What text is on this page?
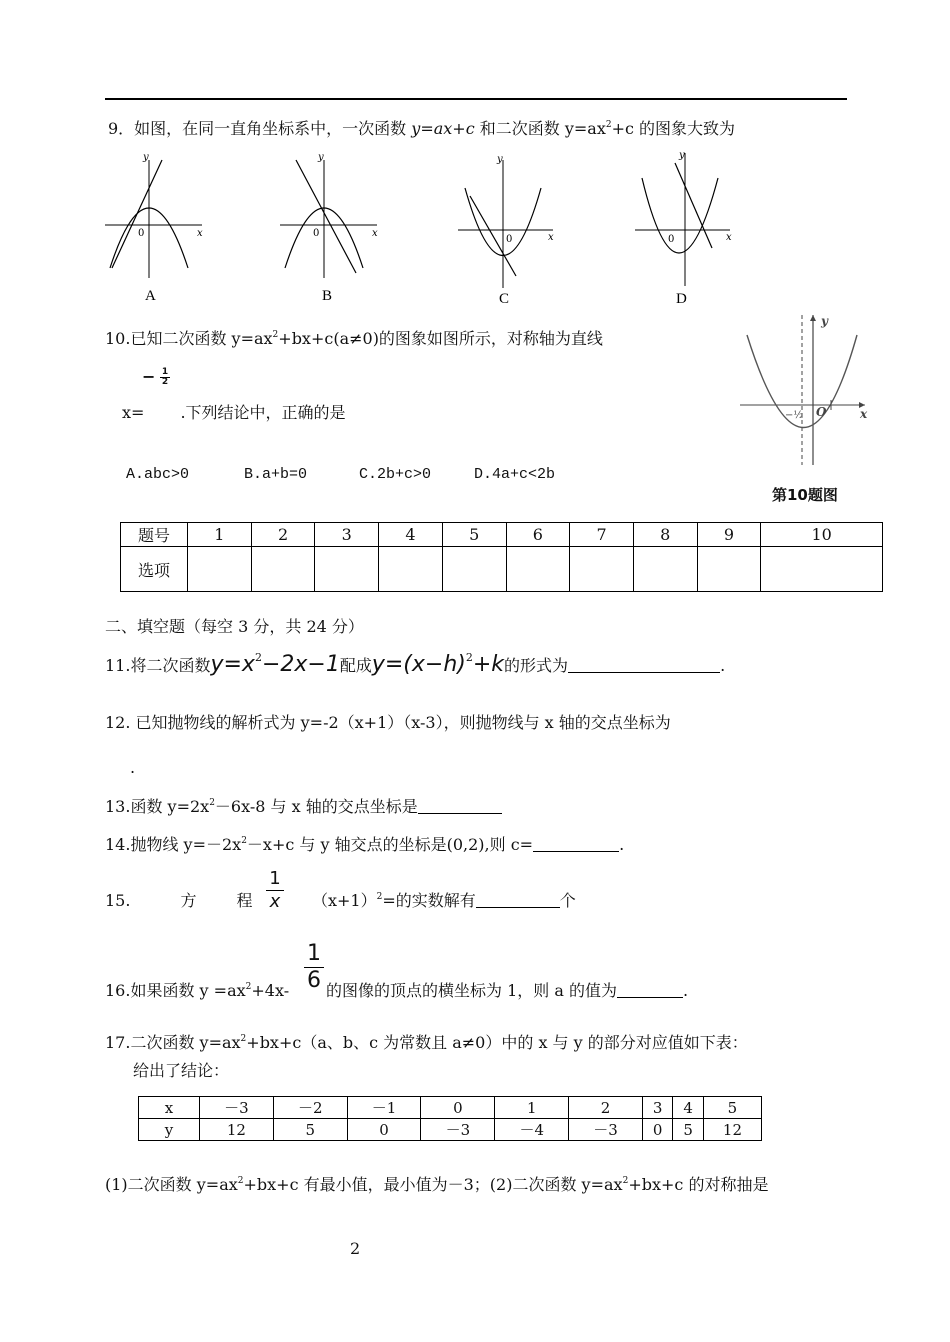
9．如图，在同一直角坐标系中，一次函数 y=ax+c 和二次函数 $y=ax^2+c$ 的图象大致为
y
x
0
A
y
x
0
B
y
x
0
C
y
x
0
D
10.已知二次函数 $y=ax^2+bx+c(a\ne 0)$的图象如图所示，对称轴为直线
− 1
2
x= .下列结论中，正确的是
A.abc>0	B.a+b=0	C.2b+c>0	D.4a+c<2b
y
x
O
−½
第10题图
题号	1	2	3	4	5	6	7	8	9	10
选项										
二、填空题（每空 3 分，共 24 分）
11.将二次函数$y=x^2-2x-1$配成$y=(x-h)^2+k$的形式为	.
12. 已知抛物线的解析式为 y=-2（x+1）（x-3），则抛物线与 x 轴的交点坐标为
.
13.函数 $y=2x^2-6x-8$ 与 x 轴的交点坐标是
14.抛物线 $y=-2x^2-x+c$ 与 y 轴交点的坐标是(0,2),则 c=	.
15.	方	程
1
x $(x+1)^2=$的实数解有	个
16.如果函数 $y =ax^2+4x-$
1
6 的图像的顶点的横坐标为 1，则 a 的值为	.
17.二次函数 $y=ax^2+bx+c(a$、b、c 为常数且 a≠0）中的 x 与 y 的部分对应值如下表：
给出了结论：
x	－3	－2	－1	0	1	2	3	4	5
y	12	5	0	－3	－4	－3	0	5	12
(1)二次函数 $y=ax^2+bx+c$ 有最小值，最小值为－3；(2)二次函数 $y=ax^2+bx+c$ 的对称抽是
2
